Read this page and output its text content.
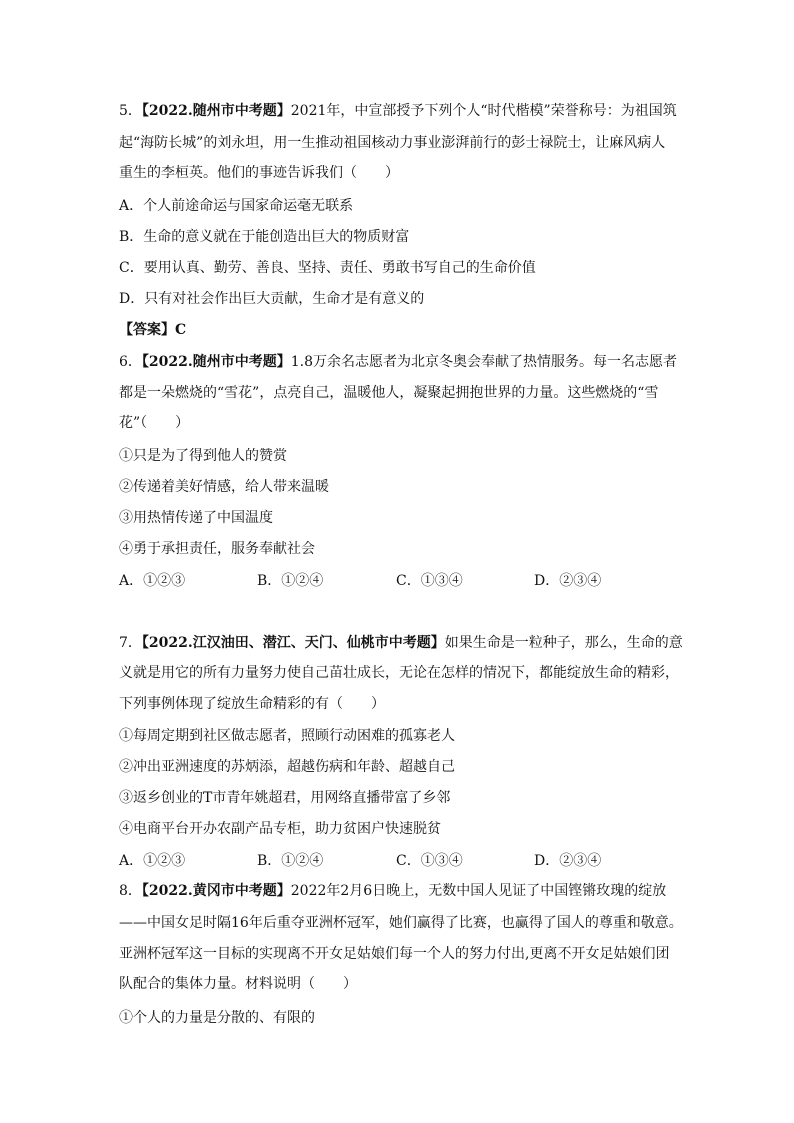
5．【2022.随州市中考题】2021年，中宣部授予下列个人“时代楷模”荣誉称号：为祖国筑
起“海防长城”的刘永坦，用一生推动祖国核动力事业澎湃前行的彭士禄院士，让麻风病人
重生的李桓英。他们的事迹告诉我们（　　）
A．个人前途命运与国家命运毫无联系
B．生命的意义就在于能创造出巨大的物质财富
C．要用认真、勤劳、善良、坚持、责任、勇敢书写自己的生命价值
D．只有对社会作出巨大贡献，生命才是有意义的
【答案】C
6．【2022.随州市中考题】1.8万余名志愿者为北京冬奥会奉献了热情服务。每一名志愿者
都是一朵燃烧的“雪花”，点亮自己，温暖他人，凝聚起拥抱世界的力量。这些燃烧的“雪
花”（　　）
①只是为了得到他人的赞赏
②传递着美好情感，给人带来温暖
③用热情传递了中国温度
④勇于承担责任，服务奉献社会
A．①②③	B．①②④	C．①③④	D．②③④
7．【2022.江汉油田、潜江、天门、仙桃市中考题】如果生命是一粒种子，那么，生命的意
义就是用它的所有力量努力使自己苗壮成长，无论在怎样的情况下，都能绽放生命的精彩，
下列事例体现了绽放生命精彩的有（　　）
①每周定期到社区做志愿者，照顾行动困难的孤寡老人
②冲出亚洲速度的苏炳添，超越伤病和年龄、超越自己
③返乡创业的T市青年姚超君，用网络直播带富了乡邻
④电商平台开办农副产品专柜，助力贫困户快速脱贫
A．①②③	B．①②④	C．①③④	D．②③④
8．【2022.黄冈市中考题】2022年2月6日晚上，无数中国人见证了中国铿锵玫瑰的绽放
——中国女足时隔16年后重夺亚洲杯冠军，她们赢得了比赛，也赢得了国人的尊重和敬意。
亚洲杯冠军这一目标的实现离不开女足姑娘们每一个人的努力付出,更离不开女足姑娘们团
队配合的集体力量。材料说明（　　）
①个人的力量是分散的、有限的
